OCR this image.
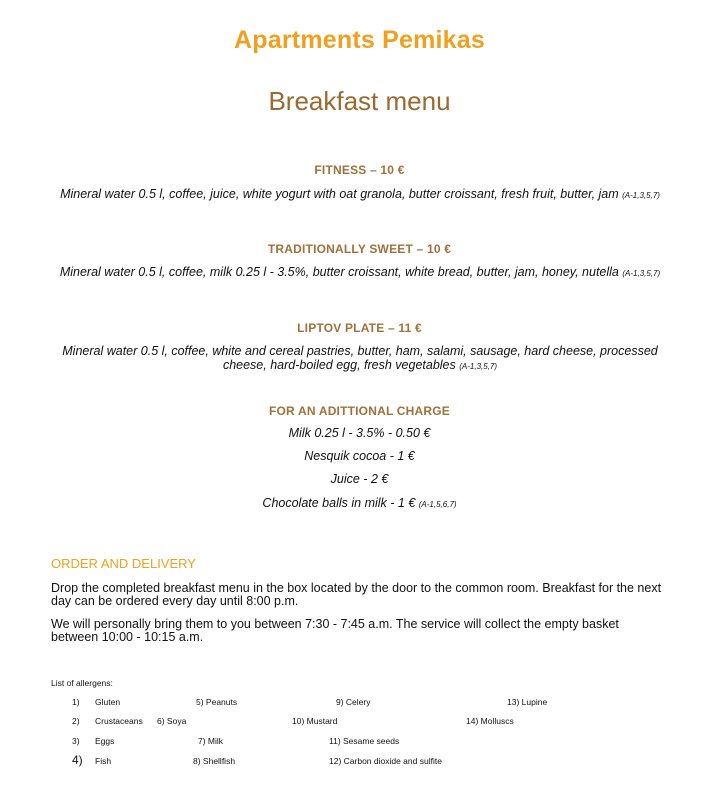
Apartments Pemikas
Breakfast menu
FITNESS – 10 €
Mineral water 0.5 l, coffee, juice, white yogurt with oat granola, butter croissant, fresh fruit, butter, jam (A-1,3,5,7)
TRADITIONALLY SWEET – 10 €
Mineral water 0.5 l, coffee, milk 0.25 l - 3.5%, butter croissant, white bread, butter, jam, honey, nutella (A-1,3,5,7)
LIPTOV PLATE – 11 €
Mineral water 0.5 l, coffee, white and cereal pastries, butter, ham, salami, sausage, hard cheese, processed cheese, hard-boiled egg, fresh vegetables (A-1,3,5,7)
FOR AN ADITTIONAL CHARGE
Milk 0.25 l - 3.5% - 0.50 €
Nesquik cocoa - 1 €
Juice - 2 €
Chocolate balls in milk - 1 € (A-1,5,6,7)
ORDER AND DELIVERY
Drop the completed breakfast menu in the box located by the door to the common room. Breakfast for the next day can be ordered every day until 8:00 p.m.
We will personally bring them to you between 7:30 - 7:45 a.m. The service will collect the empty basket between 10:00 - 10:15 a.m.
List of allergens:
1) Gluten	5) Peanuts	9) Celery	13) Lupine
2) Crustaceans 6) Soya	10) Mustard	14) Molluscs
3) Eggs	7) Milk	11) Sesame seeds
4) Fish	8) Shellfish	12) Carbon dioxide and sulfite
